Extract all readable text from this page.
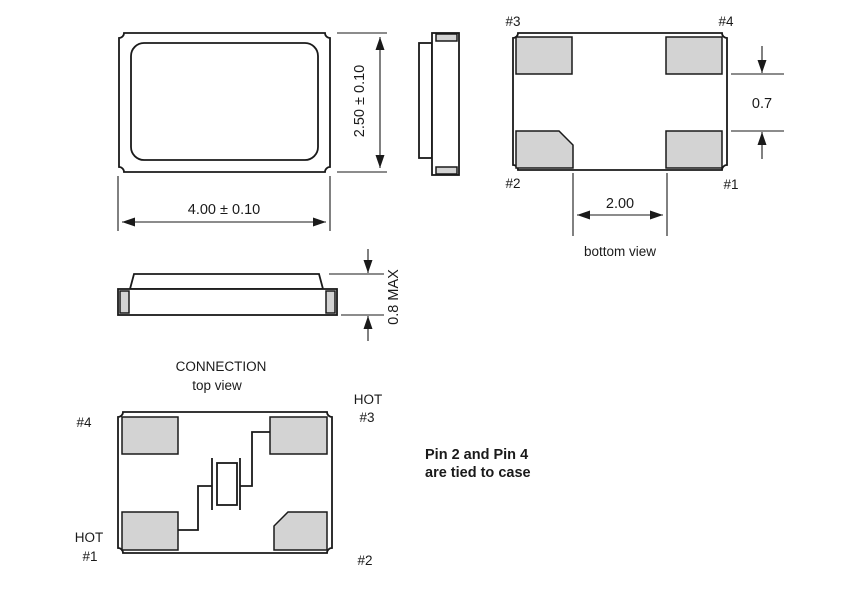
2.50 ± 0.10
4.00 ± 0.10
#3	#4
#2	#1
0.7
2.00
bottom view
0.8 MAX
CONNECTION
top view
#4
HOT
#3
HOT
#1	#2
Pin 2 and Pin 4
are tied to case
